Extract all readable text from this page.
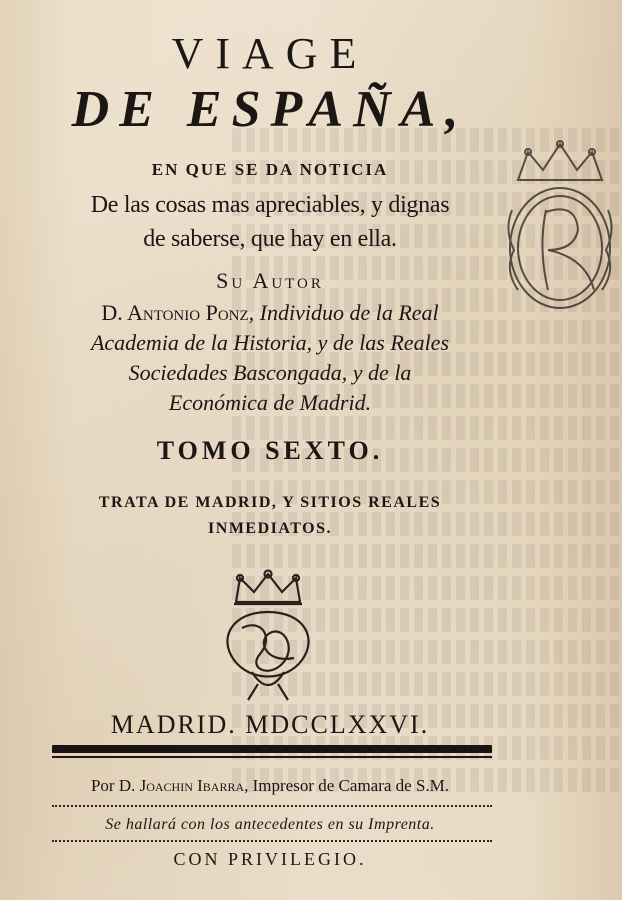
VIAGE
DE ESPAÑA,
EN QUE SE DA NOTICIA
De las cosas mas apreciables, y dignas
de saberse, que hay en ella.
Su Autor
D. Antonio Ponz, Individuo de la Real
Academia de la Historia, y de las Reales
Sociedades Bascongada, y de la
Económica de Madrid.
TOMO SEXTO.
TRATA DE MADRID, Y SITIOS REALES
INMEDIATOS.
MADRID. MDCCLXXVI.
Por D. Joachin Ibarra, Impresor de Camara de S.M.
Se hallará con los antecedentes en su Imprenta.
CON PRIVILEGIO.
